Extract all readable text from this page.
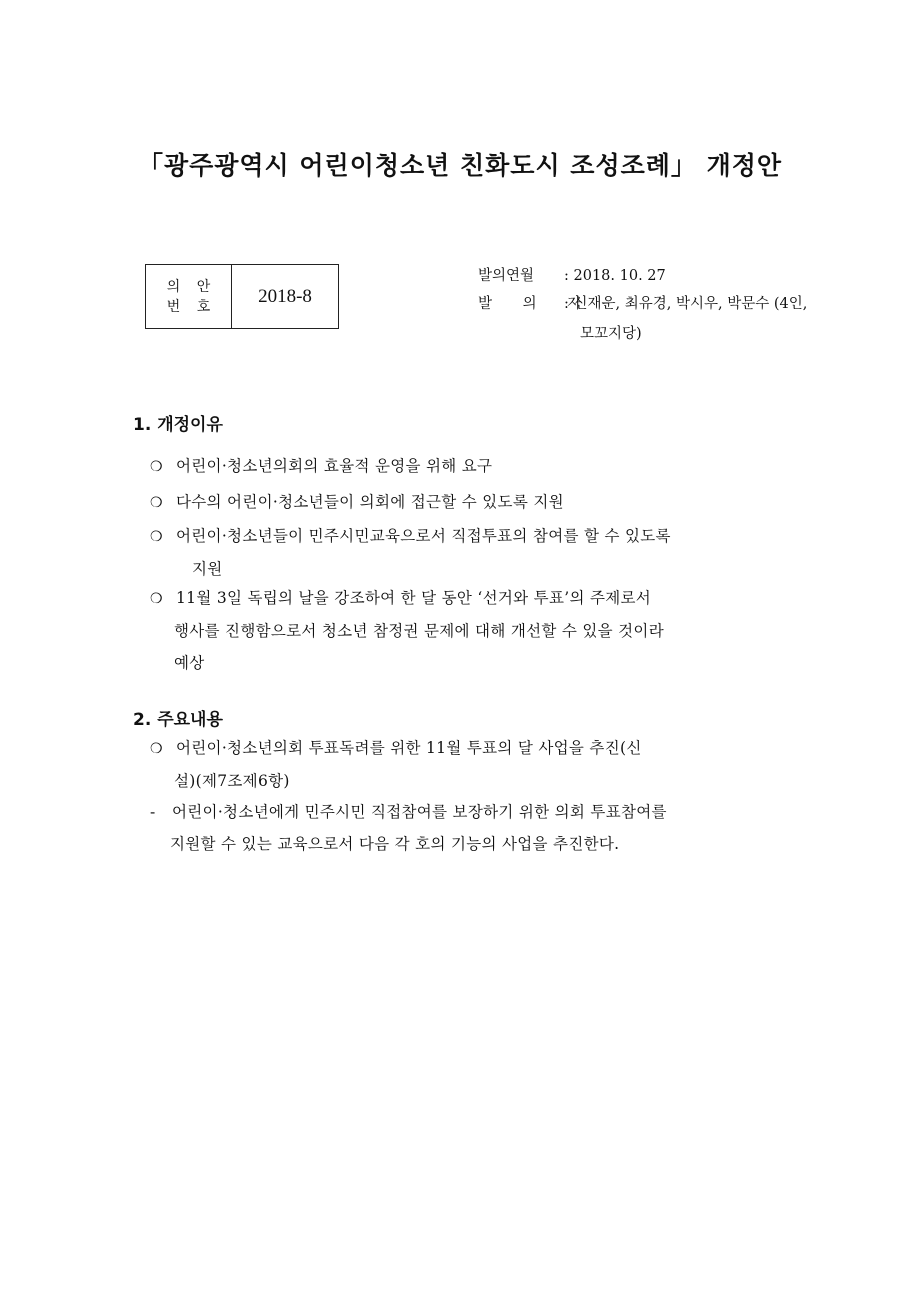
「광주광역시 어린이청소년 친화도시 조성조례」 개정안
의 안
번 호	2018-8
발의연월	: 2018. 10. 27
발 의 자
: 신재운, 최유경, 박시우, 박문수 (4인,
모꼬지당)
1. 개정이유
❍ 어린이·청소년의회의 효율적 운영을 위해 요구
❍ 다수의 어린이·청소년들이 의회에 접근할 수 있도록 지원
❍ 어린이·청소년들이 민주시민교육으로서 직접투표의 참여를 할 수 있도록
지원
❍ 11월 3일 독립의 날을 강조하여 한 달 동안 ‘선거와 투표’의 주제로서
행사를 진행함으로서 청소년 참정권 문제에 대해 개선할 수 있을 것이라
예상
2. 주요내용
❍ 어린이·청소년의회 투표독려를 위한 11월 투표의 달 사업을 추진(신
설)(제7조제6항)
- 어린이·청소년에게 민주시민 직접참여를 보장하기 위한 의회 투표참여를
지원할 수 있는 교육으로서 다음 각 호의 기능의 사업을 추진한다.
